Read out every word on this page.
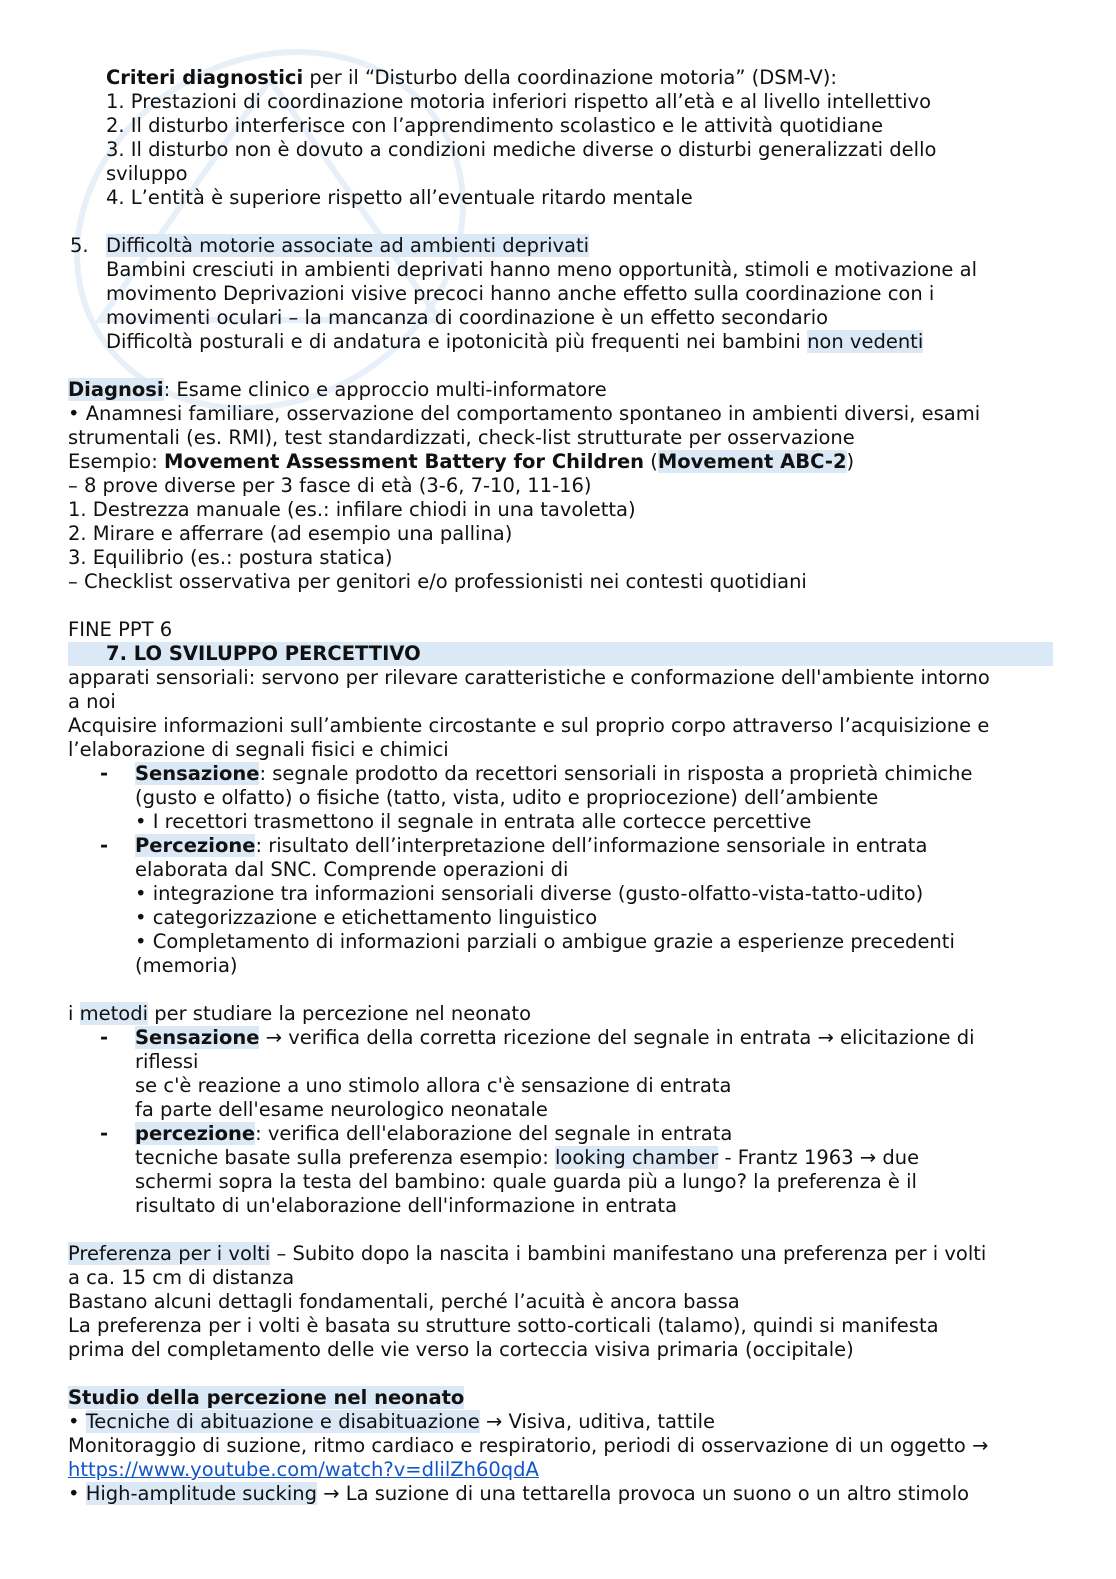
Criteri diagnostici per il “Disturbo della coordinazione motoria” (DSM-V):
1. Prestazioni di coordinazione motoria inferiori rispetto all’età e al livello intellettivo
2. Il disturbo interferisce con l’apprendimento scolastico e le attività quotidiane
3. Il disturbo non è dovuto a condizioni mediche diverse o disturbi generalizzati dello
sviluppo
4. L’entità è superiore rispetto all’eventuale ritardo mentale
5. Difficoltà motorie associate ad ambienti deprivati
Bambini cresciuti in ambienti deprivati hanno meno opportunità, stimoli e motivazione al
movimento Deprivazioni visive precoci hanno anche effetto sulla coordinazione con i
movimenti oculari – la mancanza di coordinazione è un effetto secondario
Difficoltà posturali e di andatura e ipotonicità più frequenti nei bambini non vedenti
Diagnosi: Esame clinico e approccio multi-informatore
• Anamnesi familiare, osservazione del comportamento spontaneo in ambienti diversi, esami
strumentali (es. RMI), test standardizzati, check-list strutturate per osservazione
Esempio: Movement Assessment Battery for Children (Movement ABC-2)
– 8 prove diverse per 3 fasce di età (3-6, 7-10, 11-16)
1. Destrezza manuale (es.: infilare chiodi in una tavoletta)
2. Mirare e afferrare (ad esempio una pallina)
3. Equilibrio (es.: postura statica)
– Checklist osservativa per genitori e/o professionisti nei contesti quotidiani
FINE PPT 6
7. LO SVILUPPO PERCETTIVO
apparati sensoriali: servono per rilevare caratteristiche e conformazione dell'ambiente intorno
a noi
Acquisire informazioni sull’ambiente circostante e sul proprio corpo attraverso l’acquisizione e
l’elaborazione di segnali fisici e chimici
- Sensazione: segnale prodotto da recettori sensoriali in risposta a proprietà chimiche
(gusto e olfatto) o fisiche (tatto, vista, udito e propriocezione) dell’ambiente
• I recettori trasmettono il segnale in entrata alle cortecce percettive
- Percezione: risultato dell’interpretazione dell’informazione sensoriale in entrata
elaborata dal SNC. Comprende operazioni di
• integrazione tra informazioni sensoriali diverse (gusto-olfatto-vista-tatto-udito)
• categorizzazione e etichettamento linguistico
• Completamento di informazioni parziali o ambigue grazie a esperienze precedenti
(memoria)
i metodi per studiare la percezione nel neonato
- Sensazione → verifica della corretta ricezione del segnale in entrata → elicitazione di
riflessi
se c'è reazione a uno stimolo allora c'è sensazione di entrata
fa parte dell'esame neurologico neonatale
- percezione: verifica dell'elaborazione del segnale in entrata
tecniche basate sulla preferenza esempio: looking chamber - Frantz 1963 → due
schermi sopra la testa del bambino: quale guarda più a lungo? la preferenza è il
risultato di un'elaborazione dell'informazione in entrata
Preferenza per i volti – Subito dopo la nascita i bambini manifestano una preferenza per i volti
a ca. 15 cm di distanza
Bastano alcuni dettagli fondamentali, perché l’acuità è ancora bassa
La preferenza per i volti è basata su strutture sotto-corticali (talamo), quindi si manifesta
prima del completamento delle vie verso la corteccia visiva primaria (occipitale)
Studio della percezione nel neonato
• Tecniche di abituazione e disabituazione → Visiva, uditiva, tattile
Monitoraggio di suzione, ritmo cardiaco e respiratorio, periodi di osservazione di un oggetto →
https://www.youtube.com/watch?v=dlilZh60qdA
• High-amplitude sucking → La suzione di una tettarella provoca un suono o un altro stimolo
